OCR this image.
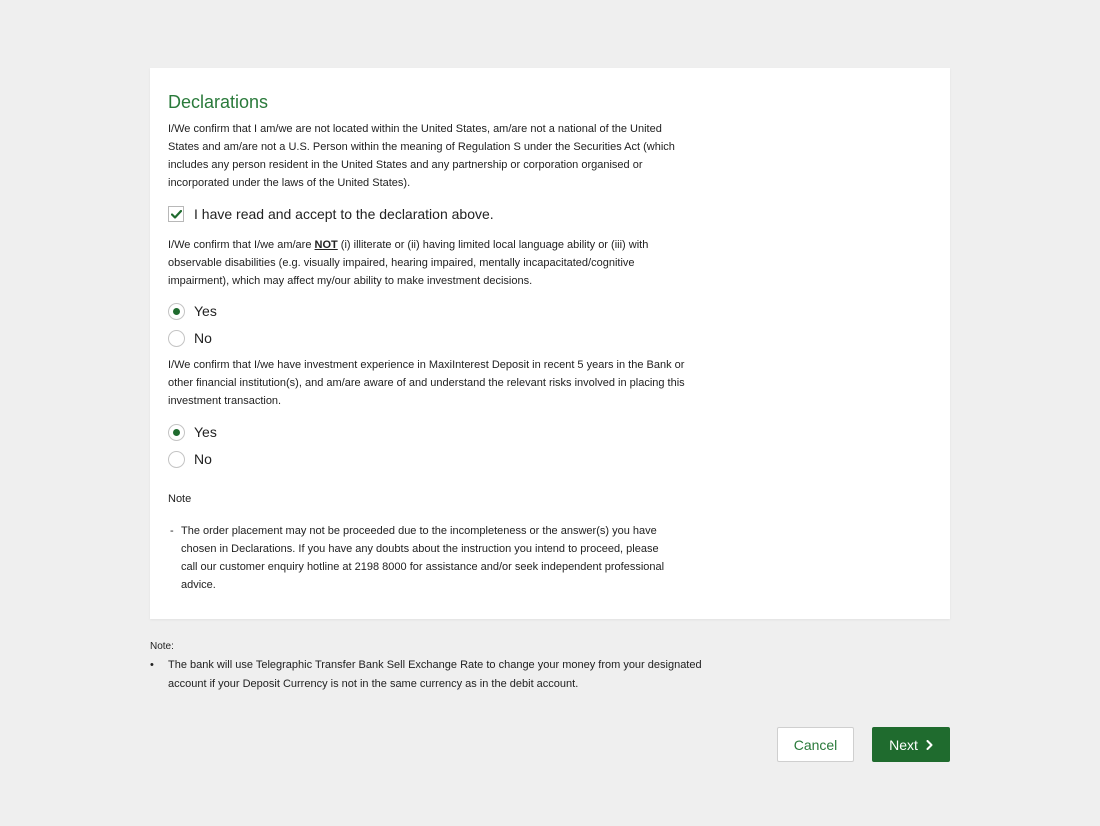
Declarations
I/We confirm that I am/we are not located within the United States, am/are not a national of the United States and am/are not a U.S. Person within the meaning of Regulation S under the Securities Act (which includes any person resident in the United States and any partnership or corporation organised or incorporated under the laws of the United States).
I have read and accept to the declaration above.
I/We confirm that I/we am/are NOT (i) illiterate or (ii) having limited local language ability or (iii) with observable disabilities (e.g. visually impaired, hearing impaired, mentally incapacitated/cognitive impairment), which may affect my/our ability to make investment decisions.
Yes
No
I/We confirm that I/we have investment experience in MaxiInterest Deposit in recent 5 years in the Bank or other financial institution(s), and am/are aware of and understand the relevant risks involved in placing this investment transaction.
Yes
No
Note
- The order placement may not be proceeded due to the incompleteness or the answer(s) you have chosen in Declarations. If you have any doubts about the instruction you intend to proceed, please call our customer enquiry hotline at 2198 8000 for assistance and/or seek independent professional advice.
Note:
• The bank will use Telegraphic Transfer Bank Sell Exchange Rate to change your money from your designated account if your Deposit Currency is not in the same currency as in the debit account.
Cancel	Next
